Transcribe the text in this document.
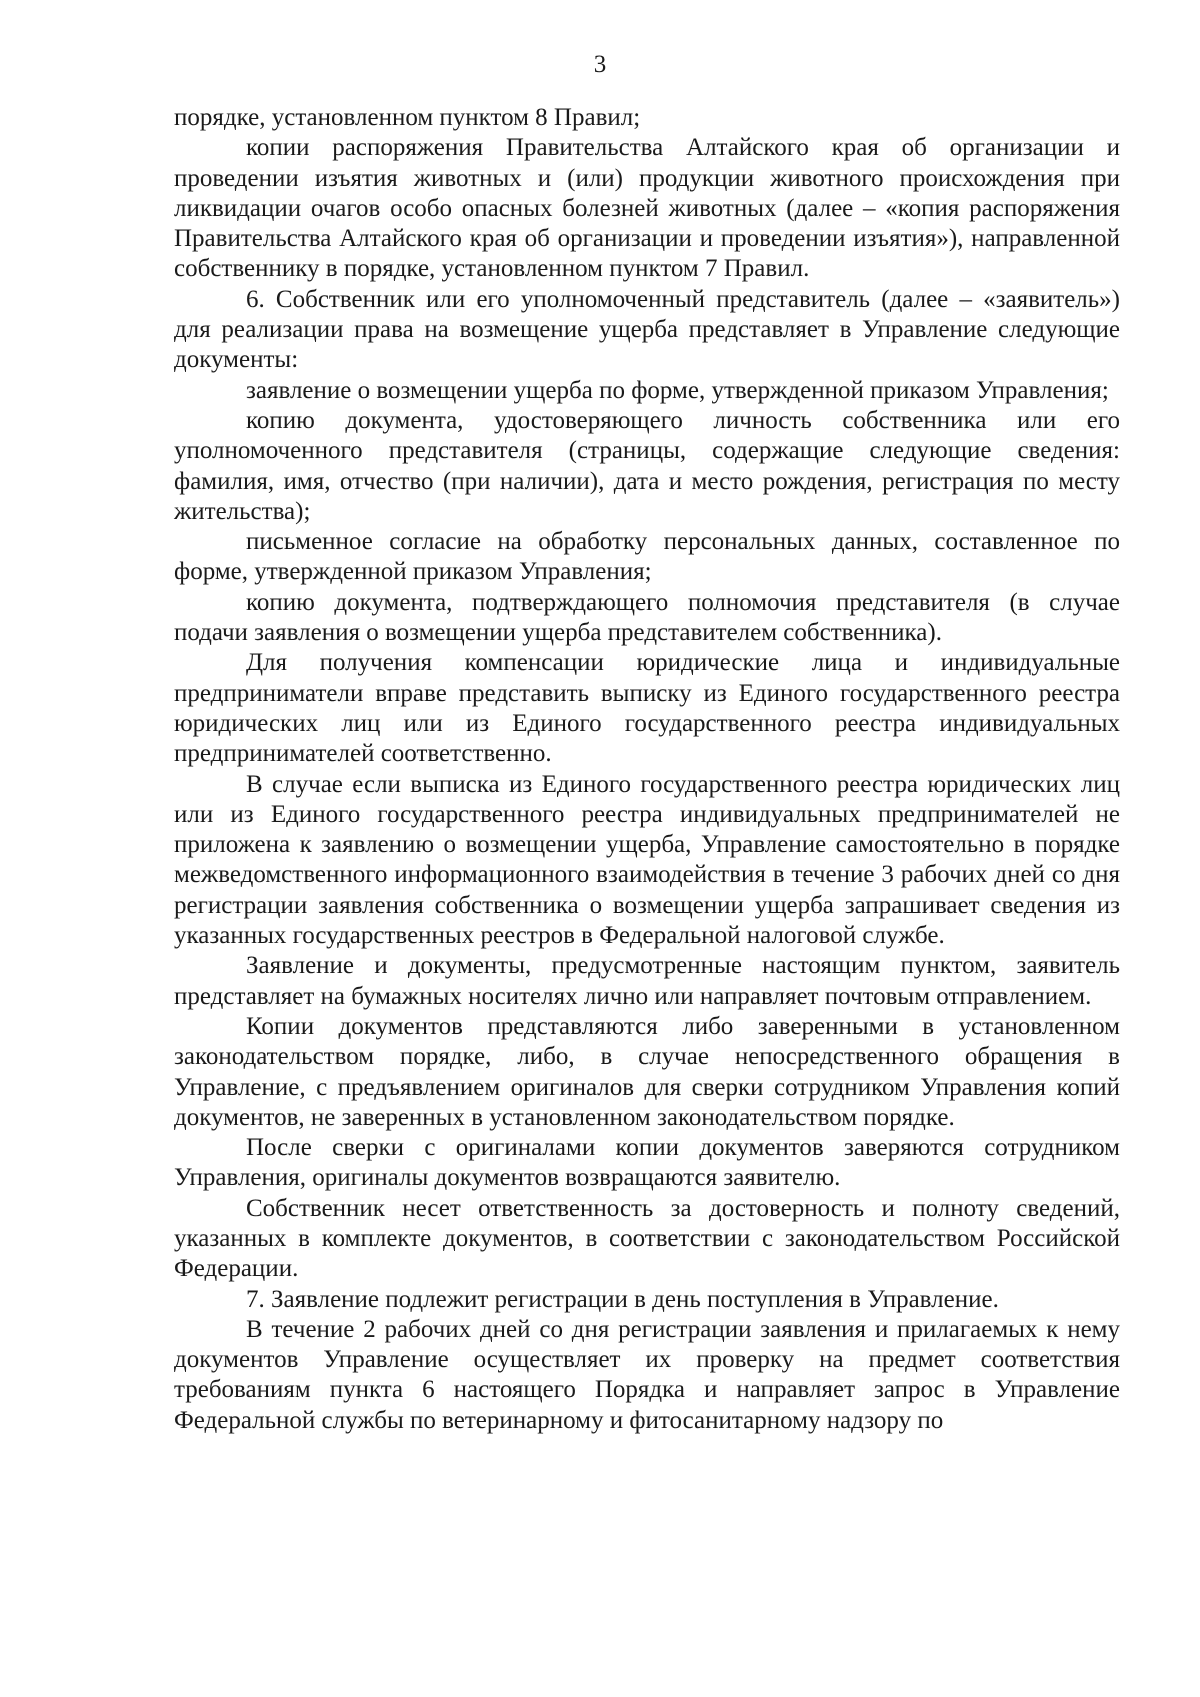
3

порядке, установленном пунктом 8 Правил;

копии распоряжения Правительства Алтайского края об организации и проведении изъятия животных и (или) продукции животного происхождения при ликвидации очагов особо опасных болезней животных (далее – «копия распоряжения Правительства Алтайского края об организации и проведении изъятия»), направленной собственнику в порядке, установленном пунктом 7 Правил.

6. Собственник или его уполномоченный представитель (далее – «заявитель») для реализации права на возмещение ущерба представляет в Управление следующие документы:

заявление о возмещении ущерба по форме, утвержденной приказом Управления;

копию документа, удостоверяющего личность собственника или его уполномоченного представителя (страницы, содержащие следующие сведения: фамилия, имя, отчество (при наличии), дата и место рождения, регистрация по месту жительства);

письменное согласие на обработку персональных данных, составленное по форме, утвержденной приказом Управления;

копию документа, подтверждающего полномочия представителя (в случае подачи заявления о возмещении ущерба представителем собственника).

Для получения компенсации юридические лица и индивидуальные предприниматели вправе представить выписку из Единого государственного реестра юридических лиц или из Единого государственного реестра индивидуальных предпринимателей соответственно.

В случае если выписка из Единого государственного реестра юридических лиц или из Единого государственного реестра индивидуальных предпринимателей не приложена к заявлению о возмещении ущерба, Управление самостоятельно в порядке межведомственного информационного взаимодействия в течение 3 рабочих дней со дня регистрации заявления собственника о возмещении ущерба запрашивает сведения из указанных государственных реестров в Федеральной налоговой службе.

Заявление и документы, предусмотренные настоящим пунктом, заявитель представляет на бумажных носителях лично или направляет почтовым отправлением.

Копии документов представляются либо заверенными в установленном законодательством порядке, либо, в случае непосредственного обращения в Управление, с предъявлением оригиналов для сверки сотрудником Управления копий документов, не заверенных в установленном законодательством порядке.

После сверки с оригиналами копии документов заверяются сотрудником Управления, оригиналы документов возвращаются заявителю.

Собственник несет ответственность за достоверность и полноту сведений, указанных в комплекте документов, в соответствии с законодательством Российской Федерации.

7. Заявление подлежит регистрации в день поступления в Управление.

В течение 2 рабочих дней со дня регистрации заявления и прилагаемых к нему документов Управление осуществляет их проверку на предмет соответствия требованиям пункта 6 настоящего Порядка и направляет запрос в Управление Федеральной службы по ветеринарному и фитосанитарному надзору по
